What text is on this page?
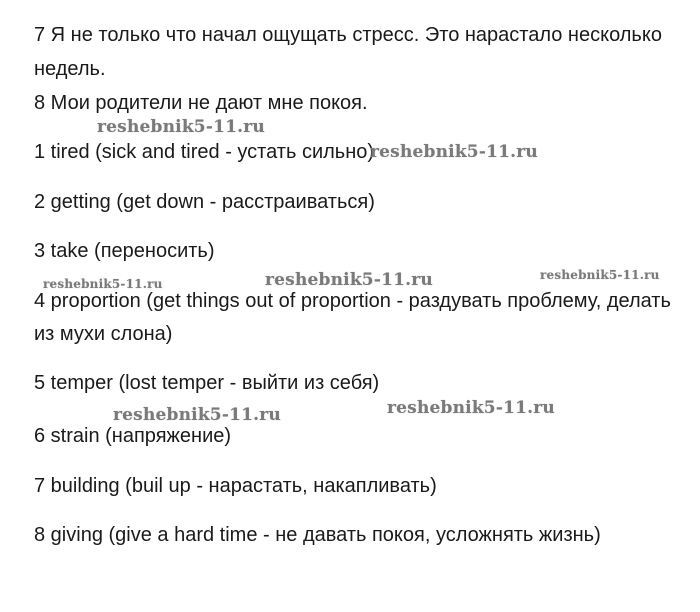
7 Я не только что начал ощущать стресс. Это нарастало несколько
недель.
8 Мои родители не дают мне покоя.
reshebnik5-11.ru
1 tired (sick and tired - устать сильно)
reshebnik5-11.ru
2 getting (get down - расстраиваться)
3 take (переносить)
reshebnik5-11.ru	reshebnik5-11.ru	reshebnik5-11.ru
4 proportion (get things out of proportion - раздувать проблему, делать
из мухи слона)
5 temper (lost temper - выйти из себя)
reshebnik5-11.ru
reshebnik5-11.ru
6 strain (напряжение)
7 building (buil up - нарастать, накапливать)
8 giving (give a hard time - не давать покоя, усложнять жизнь)
